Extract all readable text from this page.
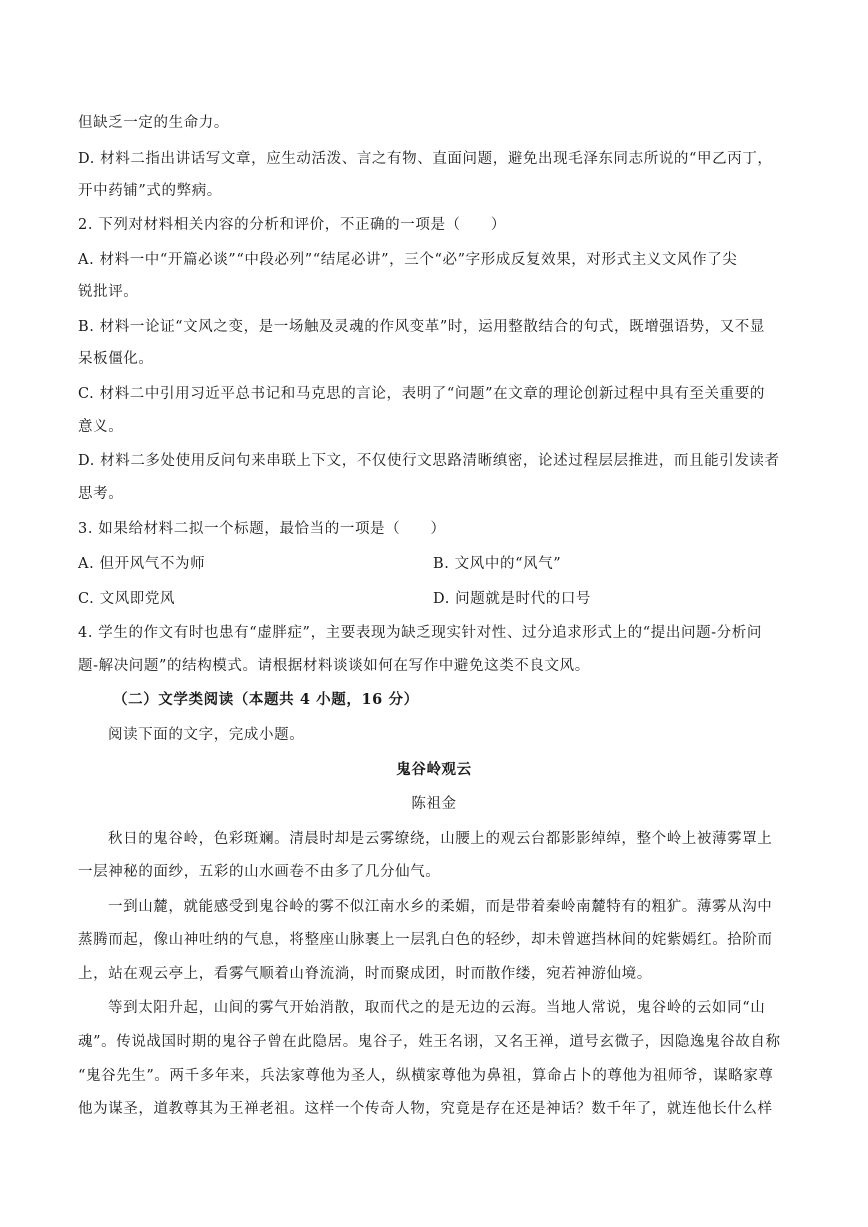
但缺乏一定的生命力。
D. 材料二指出讲话写文章，应生动活泼、言之有物、直面问题，避免出现毛泽东同志所说的“甲乙丙丁，
开中药铺”式的弊病。
2. 下列对材料相关内容的分析和评价，不正确的一项是（　　）
A. 材料一中“开篇必谈”“中段必列”“结尾必讲”，三个“必”字形成反复效果，对形式主义文风作了尖
锐批评。
B. 材料一论证“文风之变，是一场触及灵魂的作风变革”时，运用整散结合的句式，既增强语势，又不显
呆板僵化。
C. 材料二中引用习近平总书记和马克思的言论，表明了“问题”在文章的理论创新过程中具有至关重要的
意义。
D. 材料二多处使用反问句来串联上下文，不仅使行文思路清晰缜密，论述过程层层推进，而且能引发读者
思考。
3. 如果给材料二拟一个标题，最恰当的一项是（　　）
A. 但开风气不为师	B. 文风中的“风气”
C. 文风即党风	D. 问题就是时代的口号
4. 学生的作文有时也患有“虚胖症”，主要表现为缺乏现实针对性、过分追求形式上的“提出问题-分析问
题-解决问题”的结构模式。请根据材料谈谈如何在写作中避免这类不良文风。
（二）文学类阅读（本题共 4 小题，16 分）
阅读下面的文字，完成小题。
鬼谷岭观云
陈祖金
秋日的鬼谷岭，色彩斑斓。清晨时却是云雾缭绕，山腰上的观云台都影影绰绰，整个岭上被薄雾罩上
一层神秘的面纱，五彩的山水画卷不由多了几分仙气。
一到山麓，就能感受到鬼谷岭的雾不似江南水乡的柔媚，而是带着秦岭南麓特有的粗犷。薄雾从沟中
蒸腾而起，像山神吐纳的气息，将整座山脉裹上一层乳白色的轻纱，却未曾遮挡林间的姹紫嫣红。拾阶而
上，站在观云亭上，看雾气顺着山脊流淌，时而聚成团，时而散作缕，宛若神游仙境。
等到太阳升起，山间的雾气开始消散，取而代之的是无边的云海。当地人常说，鬼谷岭的云如同“山
魂”。传说战国时期的鬼谷子曾在此隐居。鬼谷子，姓王名诩，又名王禅，道号玄微子，因隐逸鬼谷故自称
“鬼谷先生”。两千多年来，兵法家尊他为圣人，纵横家尊他为鼻祖，算命占卜的尊他为祖师爷，谋略家尊
他为谋圣，道教尊其为王禅老祖。这样一个传奇人物，究竟是存在还是神话？数千年了，就连他长什么样
